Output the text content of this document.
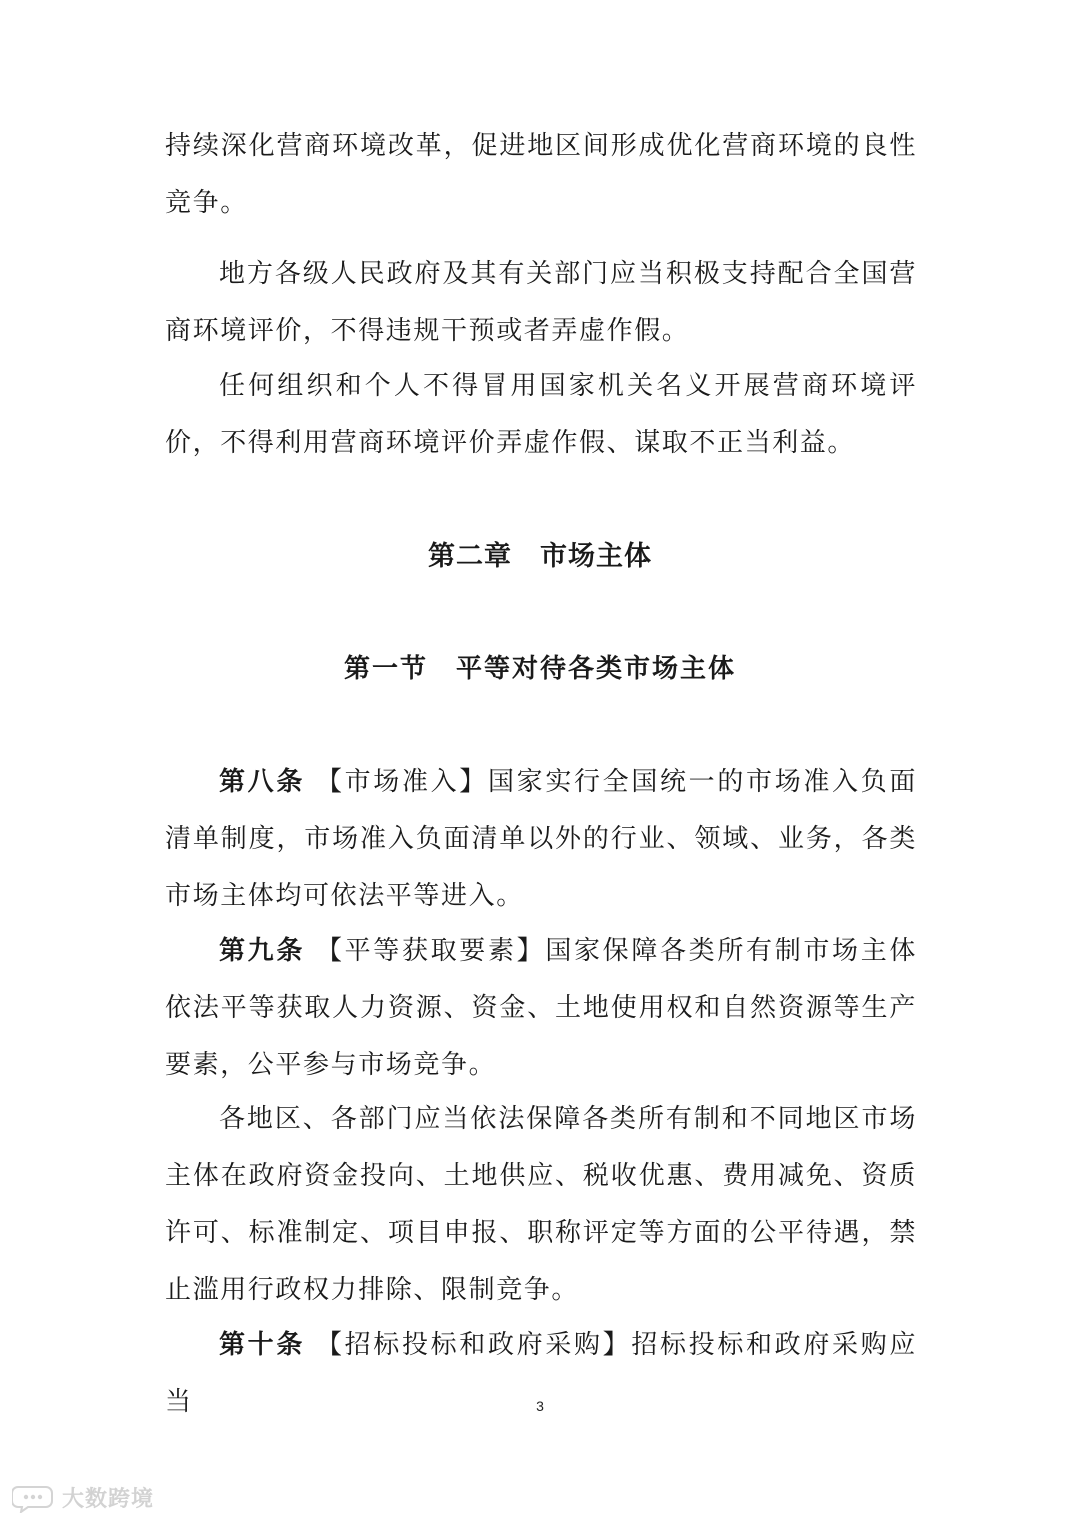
持续深化营商环境改革，促进地区间形成优化营商环境的良性竞争。

地方各级人民政府及其有关部门应当积极支持配合全国营商环境评价，不得违规干预或者弄虚作假。

任何组织和个人不得冒用国家机关名义开展营商环境评价，不得利用营商环境评价弄虚作假、谋取不正当利益。

第二章　市场主体
第一节　平等对待各类市场主体

第八条 【市场准入】国家实行全国统一的市场准入负面清单制度，市场准入负面清单以外的行业、领域、业务，各类市场主体均可依法平等进入。

第九条 【平等获取要素】国家保障各类所有制市场主体依法平等获取人力资源、资金、土地使用权和自然资源等生产要素，公平参与市场竞争。

各地区、各部门应当依法保障各类所有制和不同地区市场主体在政府资金投向、土地供应、税收优惠、费用减免、资质许可、标准制定、项目申报、职称评定等方面的公平待遇，禁止滥用行政权力排除、限制竞争。

第十条 【招标投标和政府采购】招标投标和政府采购应当	3
大数跨境
